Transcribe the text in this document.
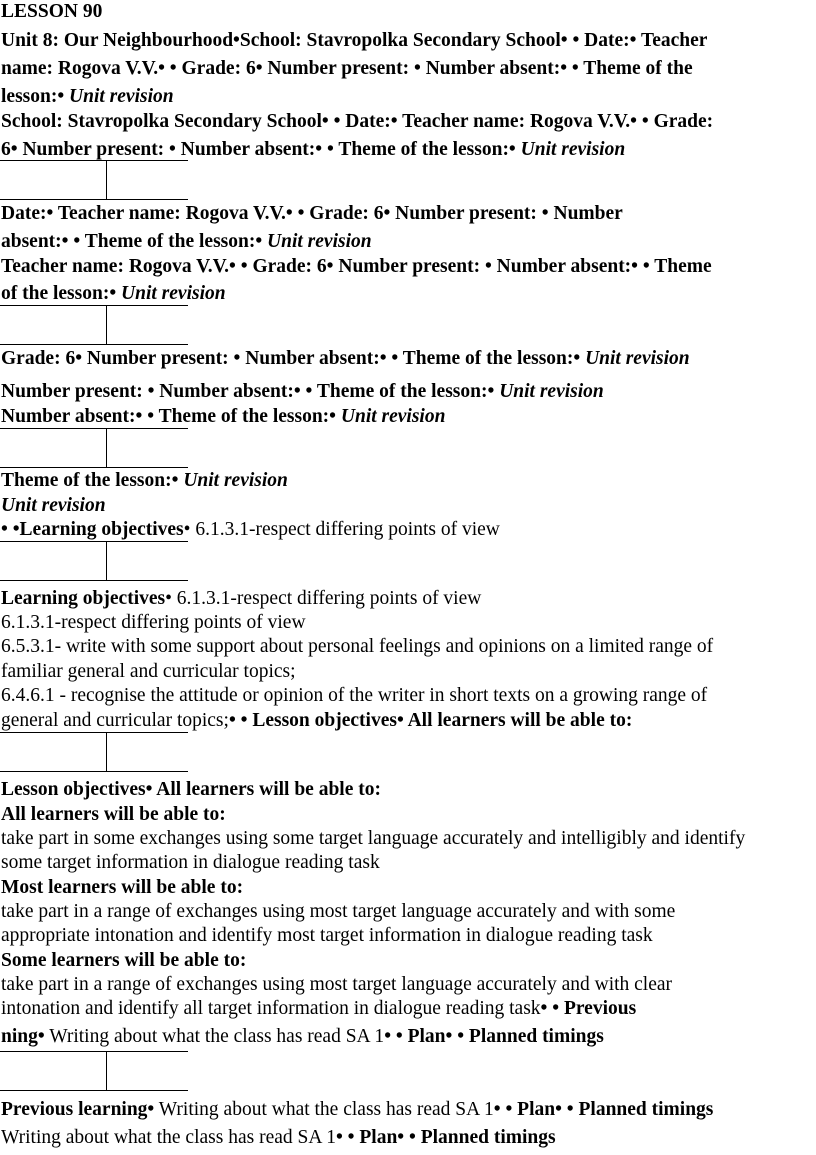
LESSON 90
Unit 8: Our Neighbourhood•School: Stavropolka Secondary School• • Date:• Teacher
name: Rogova V.V.• • Grade: 6• Number present: • Number absent:• • Theme of the
lesson:• Unit revision
School: Stavropolka Secondary School• • Date:• Teacher name: Rogova V.V.• • Grade:
6• Number present: • Number absent:• • Theme of the lesson:• Unit revision
Date:• Teacher name: Rogova V.V.• • Grade: 6• Number present: • Number
absent:• • Theme of the lesson:• Unit revision
Teacher name: Rogova V.V.• • Grade: 6• Number present: • Number absent:• • Theme
of the lesson:• Unit revision
Grade: 6• Number present: • Number absent:• • Theme of the lesson:• Unit revision
Number present: • Number absent:• • Theme of the lesson:• Unit revision
Number absent:• • Theme of the lesson:• Unit revision
Theme of the lesson:• Unit revision
Unit revision
• •Learning objectives• 6.1.3.1-respect differing points of view
Learning objectives• 6.1.3.1-respect differing points of view
6.1.3.1-respect differing points of view
6.5.3.1- write with some support about personal feelings and opinions on a limited range of
familiar general and curricular topics;
6.4.6.1 - recognise the attitude or opinion of the writer in short texts on a growing range of
general and curricular topics;• • Lesson objectives• All learners will be able to:
Lesson objectives• All learners will be able to:
All learners will be able to:
take part in some exchanges using some target language accurately and intelligibly and identify
some target information in dialogue reading task
Most learners will be able to:
take part in a range of exchanges using most target language accurately and with some
appropriate intonation and identify most target information in dialogue reading task
Some learners will be able to:
take part in a range of exchanges using most target language accurately and with clear
intonation and identify all target information in dialogue reading task• • Previous
ning• Writing about what the class has read SA 1• • Plan• • Planned timings
Previous learning• Writing about what the class has read SA 1• • Plan• • Planned timings
Writing about what the class has read SA 1• • Plan• • Planned timings
